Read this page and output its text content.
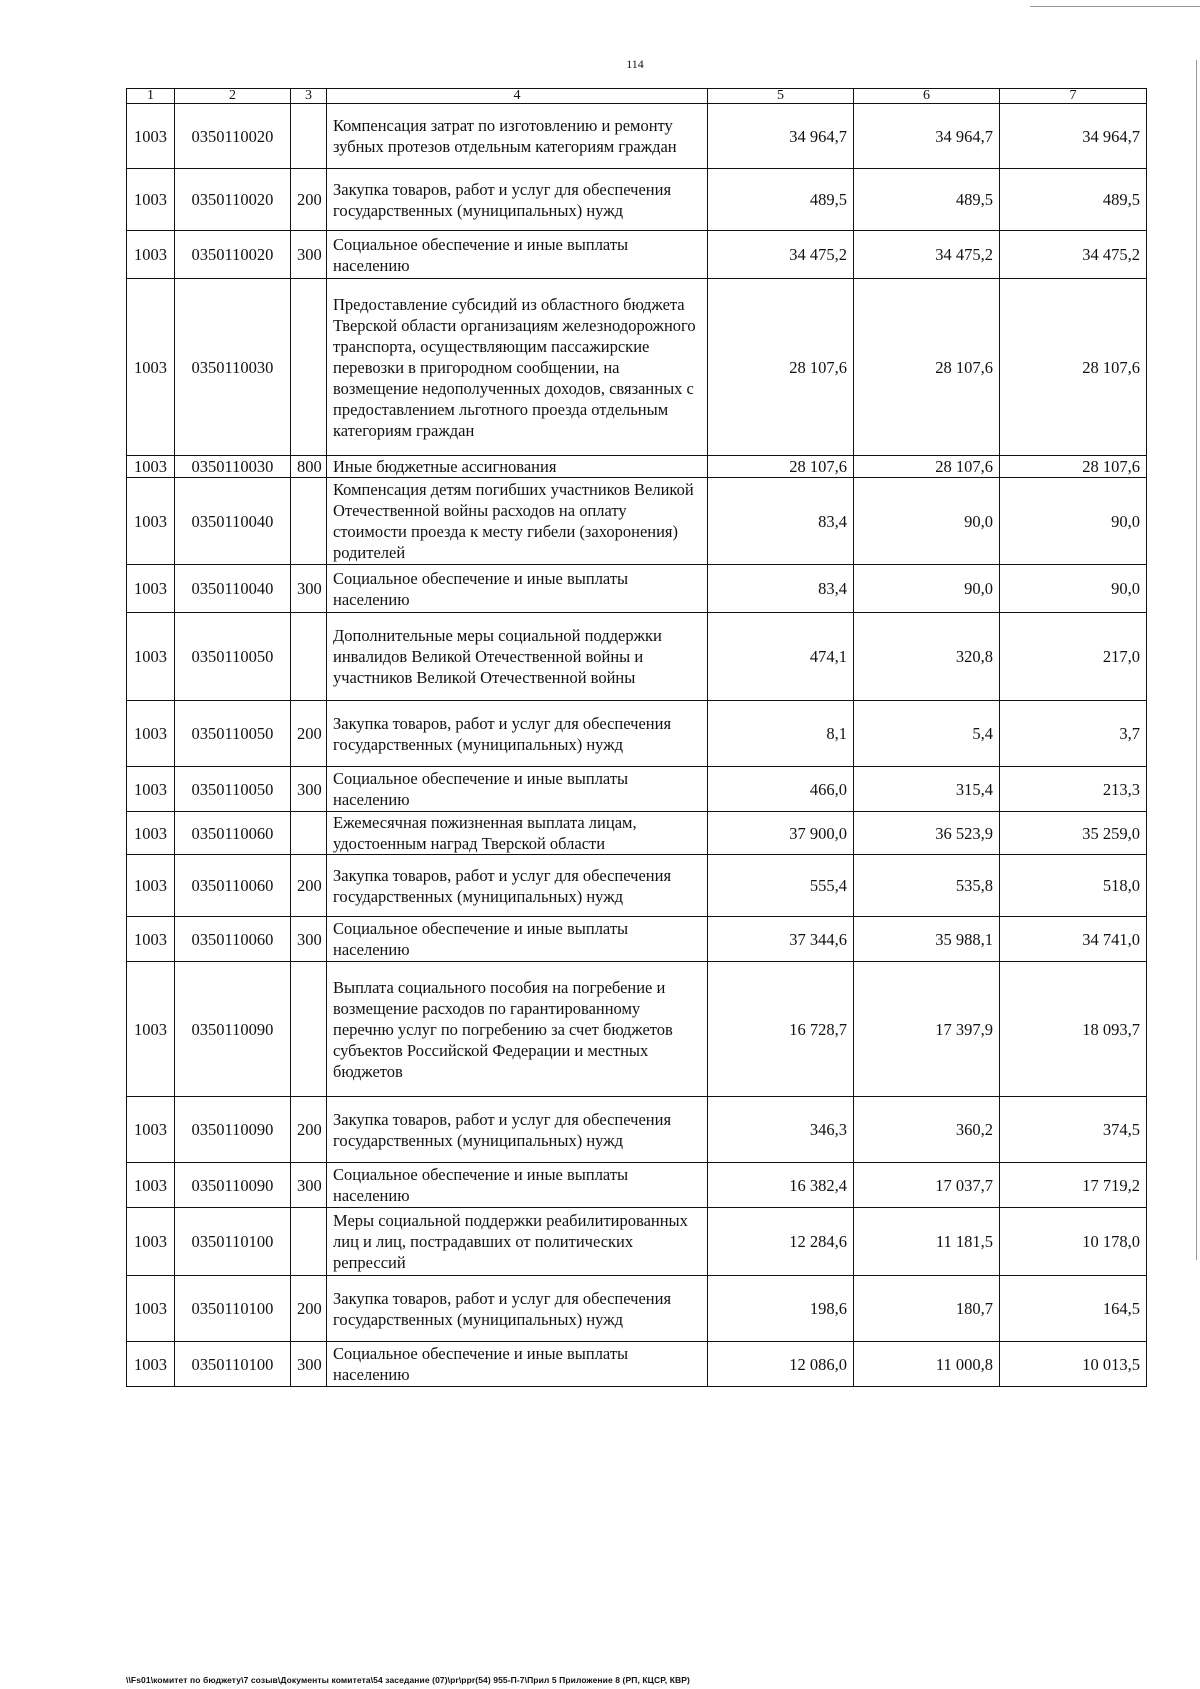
114
1	2	3	4	5	6	7
1003	0350110020		Компенсация затрат по изготовлению и ремонту зубных протезов отдельным категориям граждан	34 964,7	34 964,7	34 964,7
1003	0350110020	200	Закупка товаров, работ и услуг для обеспечения государственных (муниципальных) нужд	489,5	489,5	489,5
1003	0350110020	300	Социальное обеспечение и иные выплаты населению	34 475,2	34 475,2	34 475,2
1003	0350110030		Предоставление субсидий из областного бюджета Тверской области организациям железнодорожного транспорта, осуществляющим пассажирские перевозки в пригородном сообщении, на возмещение недополученных доходов, связанных с предоставлением льготного проезда отдельным категориям граждан	28 107,6	28 107,6	28 107,6
1003	0350110030	800	Иные бюджетные ассигнования	28 107,6	28 107,6	28 107,6
1003	0350110040		Компенсация детям погибших участников Великой Отечественной войны расходов на оплату стоимости проезда к месту гибели (захоронения) родителей	83,4	90,0	90,0
1003	0350110040	300	Социальное обеспечение и иные выплаты населению	83,4	90,0	90,0
1003	0350110050		Дополнительные меры социальной поддержки инвалидов Великой Отечественной войны и участников Великой Отечественной войны	474,1	320,8	217,0
1003	0350110050	200	Закупка товаров, работ и услуг для обеспечения государственных (муниципальных) нужд	8,1	5,4	3,7
1003	0350110050	300	Социальное обеспечение и иные выплаты населению	466,0	315,4	213,3
1003	0350110060		Ежемесячная пожизненная выплата лицам, удостоенным наград Тверской области	37 900,0	36 523,9	35 259,0
1003	0350110060	200	Закупка товаров, работ и услуг для обеспечения государственных (муниципальных) нужд	555,4	535,8	518,0
1003	0350110060	300	Социальное обеспечение и иные выплаты населению	37 344,6	35 988,1	34 741,0
1003	0350110090		Выплата социального пособия на погребение и возмещение расходов по гарантированному перечню услуг по погребению за счет бюджетов субъектов Российской Федерации и местных бюджетов	16 728,7	17 397,9	18 093,7
1003	0350110090	200	Закупка товаров, работ и услуг для обеспечения государственных (муниципальных) нужд	346,3	360,2	374,5
1003	0350110090	300	Социальное обеспечение и иные выплаты населению	16 382,4	17 037,7	17 719,2
1003	0350110100		Меры социальной поддержки реабилитированных лиц и лиц, пострадавших от политических репрессий	12 284,6	11 181,5	10 178,0
1003	0350110100	200	Закупка товаров, работ и услуг для обеспечения государственных (муниципальных) нужд	198,6	180,7	164,5
1003	0350110100	300	Социальное обеспечение и иные выплаты населению	12 086,0	11 000,8	10 013,5
\\Fs01\комитет по бюджету\7 созыв\Документы комитета\54 заседание (07)\pr\ppr(54) 955-П-7\Прил 5 Приложение 8 (РП, КЦСР, КВР)
